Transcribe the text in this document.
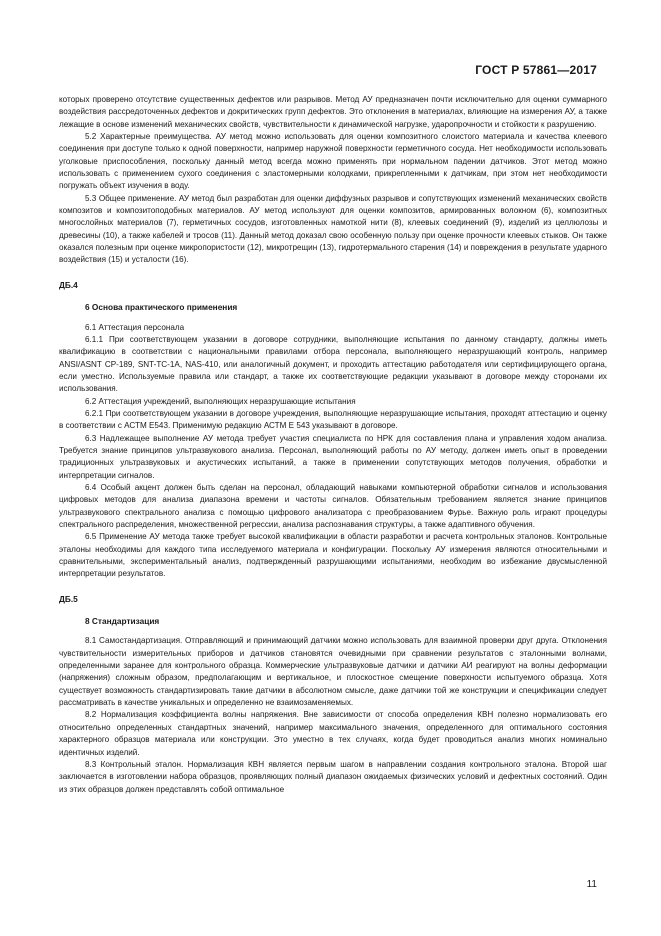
ГОСТ Р 57861—2017

которых проверено отсутствие существенных дефектов или разрывов. Метод АУ предназначен почти исключительно для оценки суммарного воздействия рассредоточенных дефектов и докритических групп дефектов. Это отклонения в материалах, влияющие на измерения АУ, а также лежащие в основе изменений механических свойств, чувствительности к динамической нагрузке, ударопрочности и стойкости к разрушению.

5.2 Характерные преимущества. АУ метод можно использовать для оценки композитного слоистого материала и качества клеевого соединения при доступе только к одной поверхности, например наружной поверхности герметичного сосуда. Нет необходимости использовать уголковые приспособления, поскольку данный метод всегда можно применять при нормальном падении датчиков. Этот метод можно использовать с применением сухого соединения с эластомерными колодками, прикрепленными к датчикам, при этом нет необходимости погружать объект изучения в воду.

5.3 Общее применение. АУ метод был разработан для оценки диффузных разрывов и сопутствующих изменений механических свойств композитов и композитоподобных материалов. АУ метод используют для оценки композитов, армированных волокном (6), композитных многослойных материалов (7), герметичных сосудов, изготовленных намоткой нити (8), клеевых соединений (9), изделий из целлюлозы и древесины (10), а также кабелей и тросов (11). Данный метод доказал свою особенную пользу при оценке прочности клеевых стыков. Он также оказался полезным при оценке микропористости (12), микротрещин (13), гидротермального старения (14) и повреждения в результате ударного воздействия (15) и усталости (16).

ДБ.4
6 Основа практического применения

6.1 Аттестация персонала

6.1.1 При соответствующем указании в договоре сотрудники, выполняющие испытания по данному стандарту, должны иметь квалификацию в соответствии с национальными правилами отбора персонала, выполняющего неразрушающий контроль, например ANSI/ASNT CP-189, SNT-TC-1A, NAS-410, или аналогичный документ, и проходить аттестацию работодателя или сертифицирующего органа, если уместно. Используемые правила или стандарт, а также их соответствующие редакции указывают в договоре между сторонами их использования.

6.2 Аттестация учреждений, выполняющих неразрушающие испытания

6.2.1 При соответствующем указании в договоре учреждения, выполняющие неразрушающие испытания, проходят аттестацию и оценку в соответствии с АСТМ Е543. Применимую редакцию АСТМ Е 543 указывают в договоре.

6.3 Надлежащее выполнение АУ метода требует участия специалиста по НРК для составления плана и управления ходом анализа. Требуется знание принципов ультразвукового анализа. Персонал, выполняющий работы по АУ методу, должен иметь опыт в проведении традиционных ультразвуковых и акустических испытаний, а также в применении сопутствующих методов получения, обработки и интерпретации сигналов.

6.4 Особый акцент должен быть сделан на персонал, обладающий навыками компьютерной обработки сигналов и использования цифровых методов для анализа диапазона времени и частоты сигналов. Обязательным требованием является знание принципов ультразвукового спектрального анализа с помощью цифрового анализатора с преобразованием Фурье. Важную роль играют процедуры спектрального распределения, множественной регрессии, анализа распознавания структуры, а также адаптивного обучения.

6.5 Применение АУ метода также требует высокой квалификации в области разработки и расчета контрольных эталонов. Контрольные эталоны необходимы для каждого типа исследуемого материала и конфигурации. Поскольку АУ измерения являются относительными и сравнительными, экспериментальный анализ, подтвержденный разрушающими испытаниями, необходим во избежание двусмысленной интерпретации результатов.

ДБ.5
8 Стандартизация

8.1 Самостандартизация. Отправляющий и принимающий датчики можно использовать для взаимной проверки друг друга. Отклонения чувствительности измерительных приборов и датчиков становятся очевидными при сравнении результатов с эталонными волнами, определенными заранее для контрольного образца. Коммерческие ультразвуковые датчики и датчики АИ реагируют на волны деформации (напряжения) сложным образом, предполагающим и вертикальное, и плоскостное смещение поверхности испытуемого образца. Хотя существует возможность стандартизировать такие датчики в абсолютном смысле, даже датчики той же конструкции и спецификации следует рассматривать в качестве уникальных и определенно не взаимозаменяемых.

8.2 Нормализация коэффициента волны напряжения. Вне зависимости от способа определения КВН полезно нормализовать его относительно определенных стандартных значений, например максимального значения, определенного для оптимального состояния характерного образцов материала или конструкции. Это уместно в тех случаях, когда будет проводиться анализ многих номинально идентичных изделий.

8.3 Контрольный эталон. Нормализация КВН является первым шагом в направлении создания контрольного эталона. Второй шаг заключается в изготовлении набора образцов, проявляющих полный диапазон ожидаемых физических условий и дефектных состояний. Один из этих образцов должен представлять собой оптимальное

11
